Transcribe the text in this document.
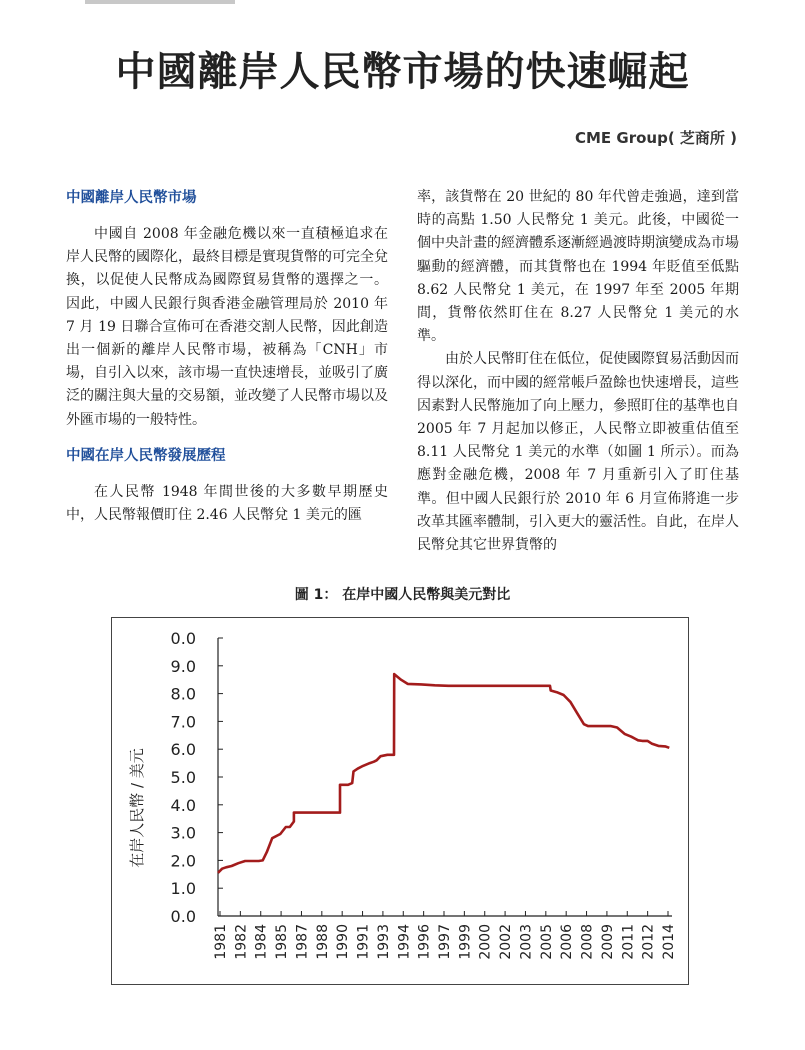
中國離岸人民幣市場的快速崛起
CME Group( 芝商所 )
中國離岸人民幣市場

中國自 2008 年金融危機以來一直積極追求在岸人民幣的國際化，最終目標是實現貨幣的可完全兌換，以促使人民幣成為國際貿易貨幣的選擇之一。 因此，中國人民銀行與香港金融管理局於 2010 年 7 月 19 日聯合宣佈可在香港交割人民幣，因此創造出一個新的離岸人民幣市場，被稱為「CNH」市場，自引入以來，該市場一直快速增長，並吸引了廣泛的關注與大量的交易額，並改變了人民幣市場以及外匯市場的一般特性。

中國在岸人民幣發展歷程

在人民幣 1948 年間世後的大多數早期歷史中，人民幣報價盯住 2.46 人民幣兌 1 美元的匯

率，該貨幣在 20 世紀的 80 年代曾走強過，達到當時的高點 1.50 人民幣兌 1 美元。此後，中國從一個中央計畫的經濟體系逐漸經過渡時期演變成為市場驅動的經濟體，而其貨幣也在 1994 年貶值至低點 8.62 人民幣兌 1 美元，在 1997 年至 2005 年期間，貨幣依然盯住在 8.27 人民幣兌 1 美元的水準。

由於人民幣盯住在低位，促使國際貿易活動因而得以深化，而中國的經常帳戶盈餘也快速增長，這些因素對人民幣施加了向上壓力，參照盯住的基準也自 2005 年 7 月起加以修正，人民幣立即被重估值至 8.11 人民幣兌 1 美元的水準（如圖 1 所示）。而為應對金融危機，2008 年 7 月重新引入了盯住基準。但中國人民銀行於 2010 年 6 月宣佈將進一步改革其匯率體制，引入更大的靈活性。自此，在岸人民幣兌其它世界貨幣的

圖 1： 在岸中國人民幣與美元對比
0.0
1.0
2.0
3.0
4.0
5.0
6.0
7.0
8.0
9.0
0.0
1981 1982 1984 1985 1987 1988 1990 1991 1993 1994 1996 1997 1999 2000 2002 2003 2005 2006 2008 2009 2011 2012 2014
在岸人民幣 / 美元
